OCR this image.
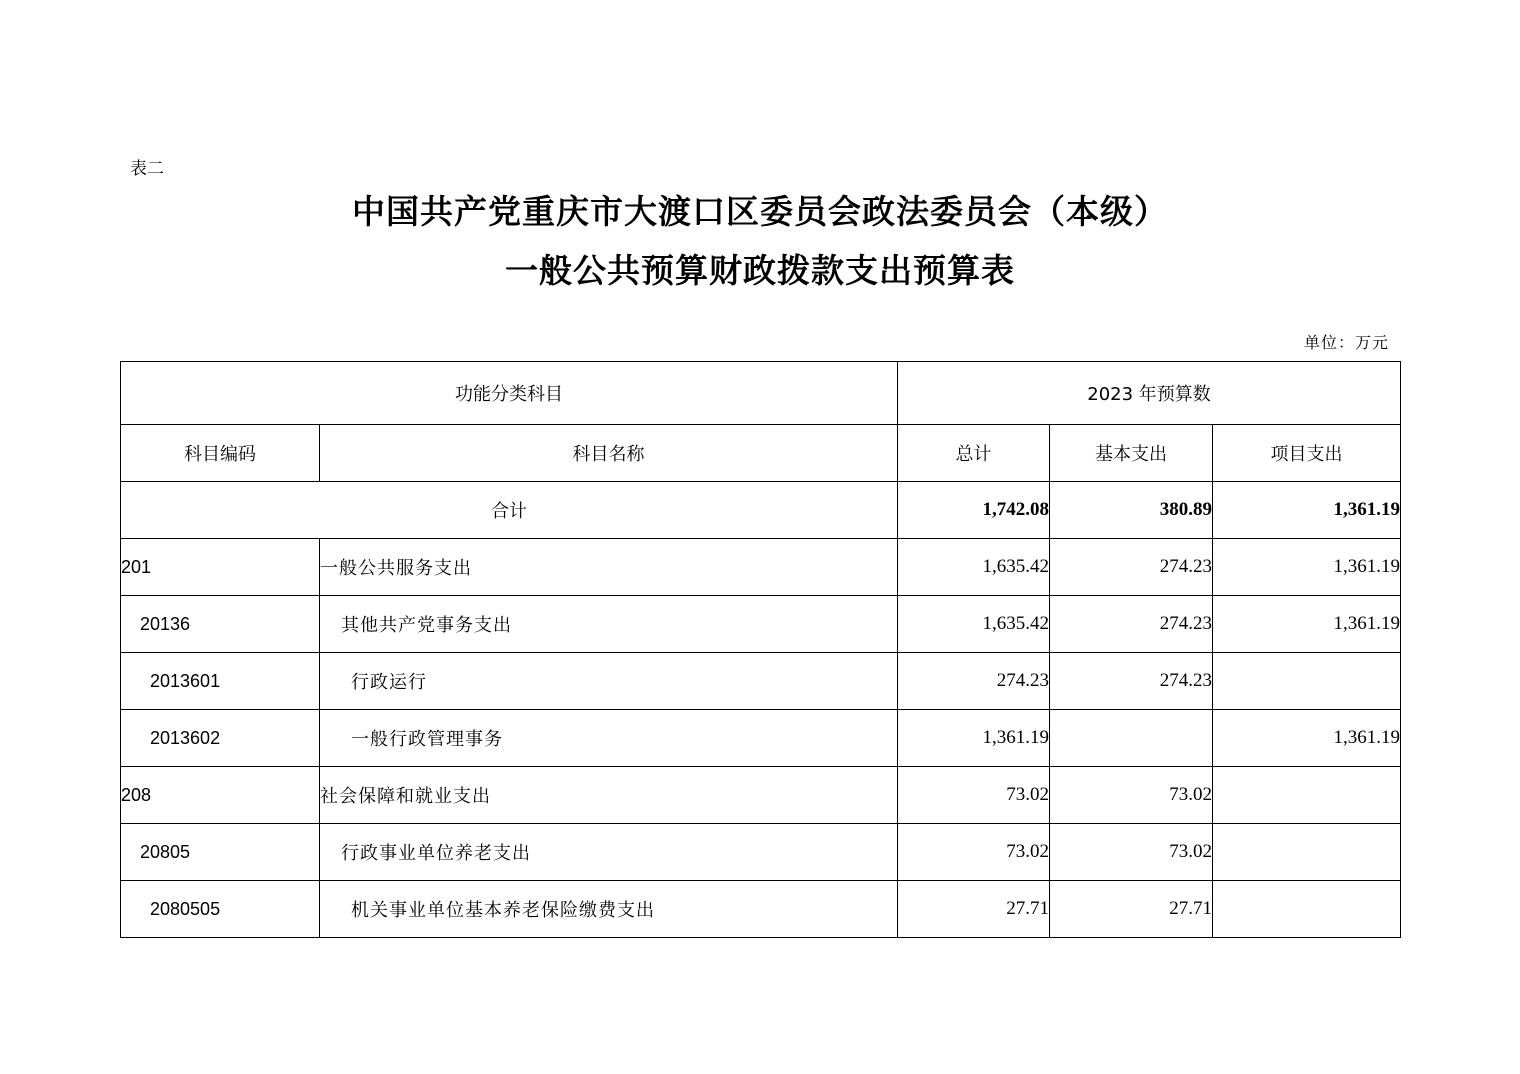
表二
中国共产党重庆市大渡口区委员会政法委员会（本级）
一般公共预算财政拨款支出预算表
单位：万元
功能分类科目		2023 年预算数		
科目编码	科目名称	总计	基本支出	项目支出
合计		1,742.08	380.89	1,361.19
201	一般公共服务支出	1,635.42	274.23	1,361.19
20136	其他共产党事务支出	1,635.42	274.23	1,361.19
2013601	行政运行	274.23	274.23	
2013602	一般行政管理事务	1,361.19		1,361.19
208	社会保障和就业支出	73.02	73.02	
20805	行政事业单位养老支出	73.02	73.02	
2080505	机关事业单位基本养老保险缴费支出	27.71	27.71	
